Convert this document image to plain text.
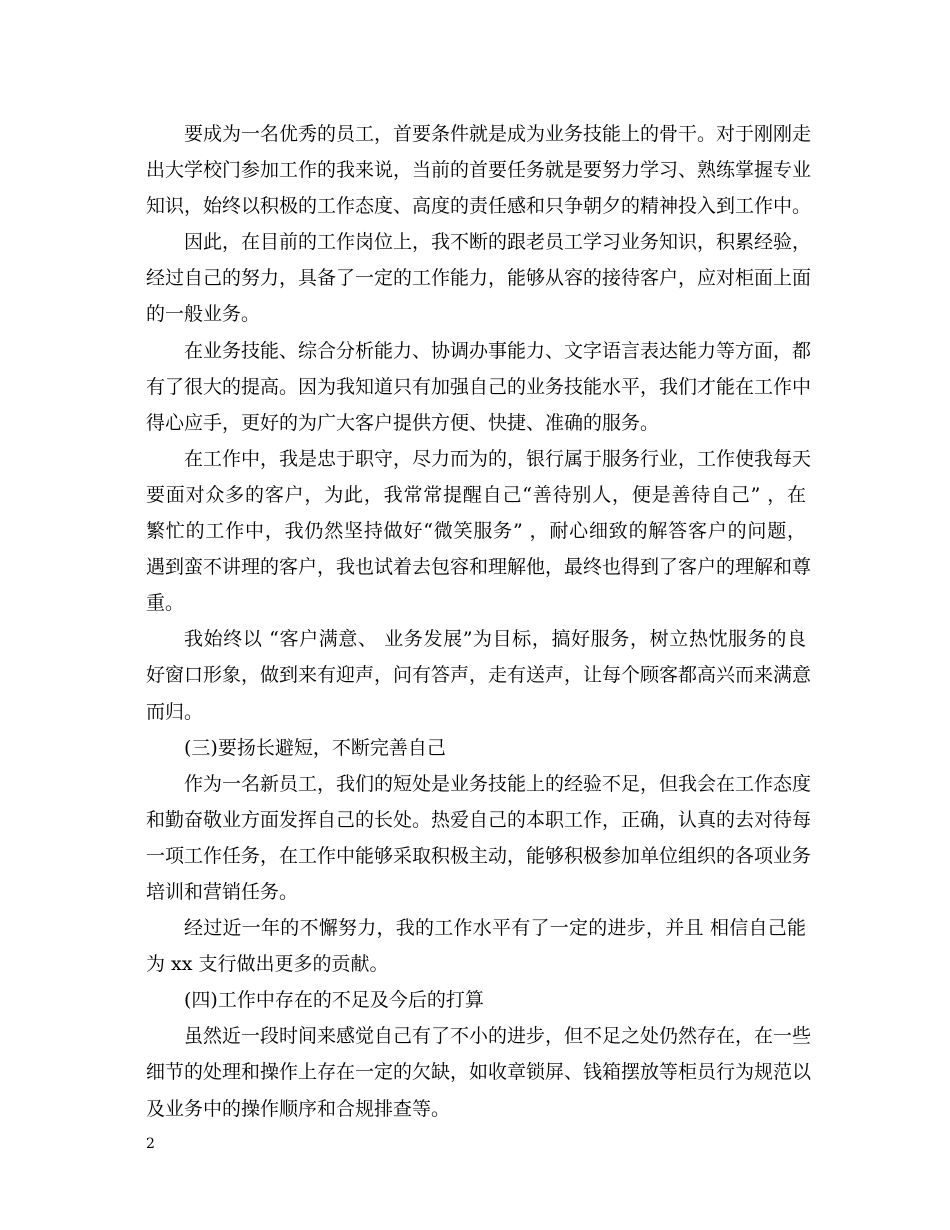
要成为一名优秀的员工，首要条件就是成为业务技能上的骨干。对于刚刚走
出大学校门参加工作的我来说，当前的首要任务就是要努力学习、熟练掌握专业
知识，始终以积极的工作态度、高度的责任感和只争朝夕的精神投入到工作中。

因此，在目前的工作岗位上，我不断的跟老员工学习业务知识，积累经验，
经过自己的努力，具备了一定的工作能力，能够从容的接待客户，应对柜面上面
的一般业务。

在业务技能、综合分析能力、协调办事能力、文字语言表达能力等方面，都
有了很大的提高。因为我知道只有加强自己的业务技能水平，我们才能在工作中
得心应手，更好的为广大客户提供方便、快捷、准确的服务。

在工作中，我是忠于职守，尽力而为的，银行属于服务行业，工作使我每天
要面对众多的客户，为此，我常常提醒自己“善待别人，便是善待自己” ，在
繁忙的工作中，我仍然坚持做好“微笑服务” ，耐心细致的解答客户的问题，
遇到蛮不讲理的客户，我也试着去包容和理解他，最终也得到了客户的理解和尊
重。

我始终以 “客户满意、 业务发展”为目标，搞好服务，树立热忱服务的良
好窗口形象，做到来有迎声，问有答声，走有送声，让每个顾客都高兴而来满意
而归。

(三)要扬长避短，不断完善自己

作为一名新员工，我们的短处是业务技能上的经验不足，但我会在工作态度
和勤奋敬业方面发挥自己的长处。热爱自己的本职工作，正确，认真的去对待每
一项工作任务，在工作中能够采取积极主动，能够积极参加单位组织的各项业务
培训和营销任务。

经过近一年的不懈努力，我的工作水平有了一定的进步，并且 相信自己能
为 xx 支行做出更多的贡献。

(四)工作中存在的不足及今后的打算

虽然近一段时间来感觉自己有了不小的进步，但不足之处仍然存在，在一些
细节的处理和操作上存在一定的欠缺，如收章锁屏、钱箱摆放等柜员行为规范以
及业务中的操作顺序和合规排查等。

2
